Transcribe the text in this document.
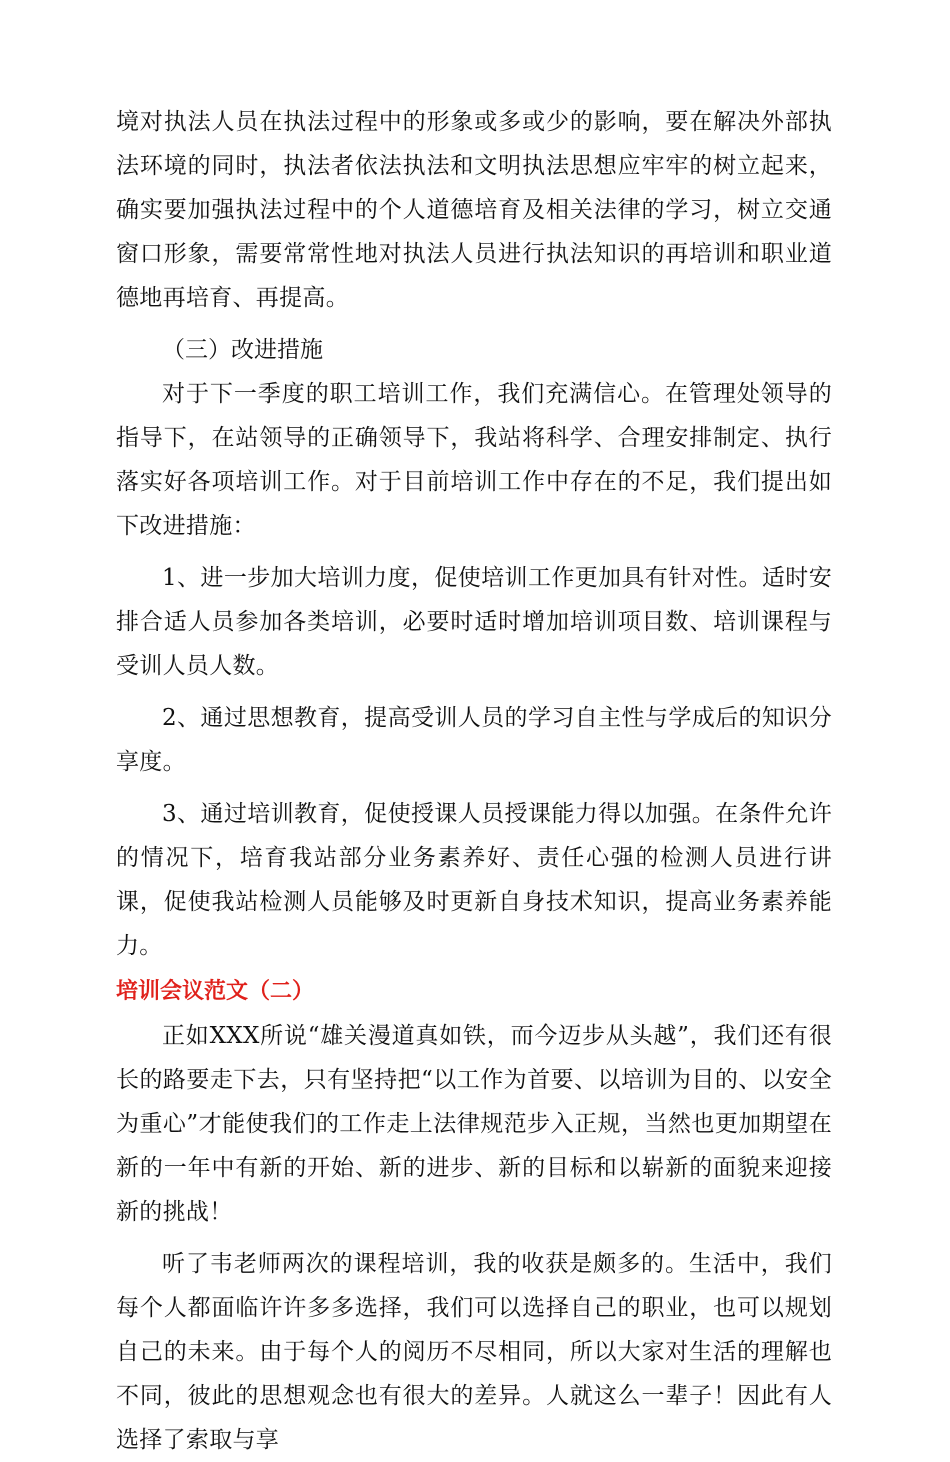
境对执法人员在执法过程中的形象或多或少的影响，要在解决外部执法环境的同时，执法者依法执法和文明执法思想应牢牢的树立起来，确实要加强执法过程中的个人道德培育及相关法律的学习，树立交通窗口形象，需要常常性地对执法人员进行执法知识的再培训和职业道德地再培育、再提高。

（三）改进措施

对于下一季度的职工培训工作，我们充满信心。在管理处领导的指导下，在站领导的正确领导下，我站将科学、合理安排制定、执行落实好各项培训工作。对于目前培训工作中存在的不足，我们提出如下改进措施：

1、进一步加大培训力度，促使培训工作更加具有针对性。适时安排合适人员参加各类培训，必要时适时增加培训项目数、培训课程与受训人员人数。

2、通过思想教育，提高受训人员的学习自主性与学成后的知识分享度。

3、通过培训教育，促使授课人员授课能力得以加强。在条件允许的情况下，培育我站部分业务素养好、责任心强的检测人员进行讲课，促使我站检测人员能够及时更新自身技术知识，提高业务素养能力。

培训会议范文（二）

正如XXX所说“雄关漫道真如铁，而今迈步从头越”，我们还有很长的路要走下去，只有坚持把“以工作为首要、以培训为目的、以安全为重心”才能使我们的工作走上法律规范步入正规，当然也更加期望在新的一年中有新的开始、新的进步、新的目标和以崭新的面貌来迎接新的挑战！

听了韦老师两次的课程培训，我的收获是颇多的。生活中，我们每个人都面临许许多多选择，我们可以选择自己的职业，也可以规划自己的未来。由于每个人的阅历不尽相同，所以大家对生活的理解也不同，彼此的思想观念也有很大的差异。人就这么一辈子！因此有人选择了索取与享
